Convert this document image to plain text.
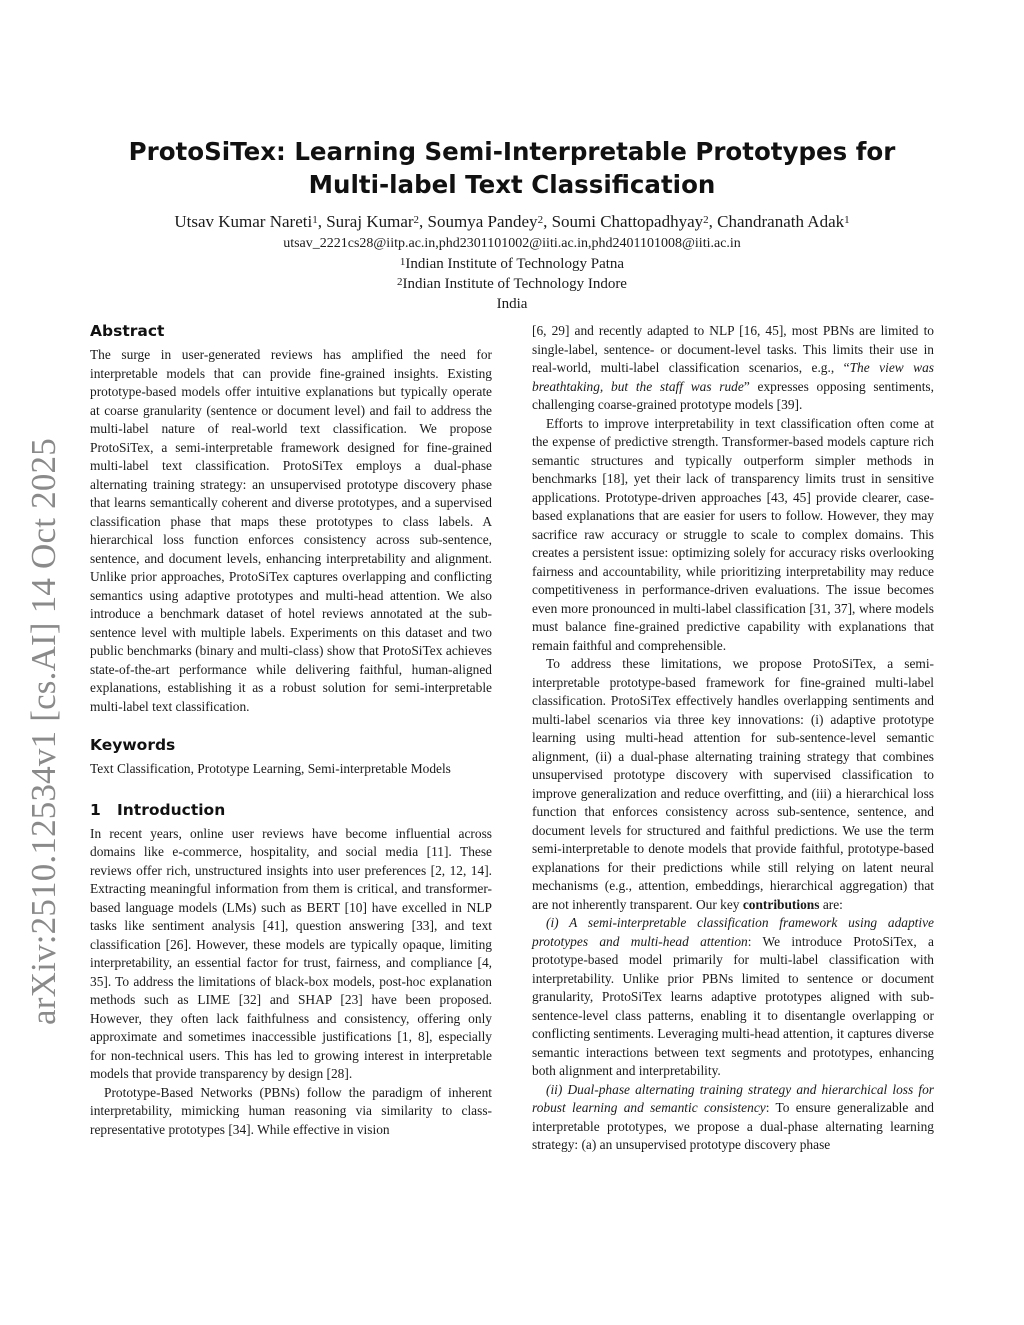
arXiv:2510.12534v1 [cs.AI] 14 Oct 2025
ProtoSiTex: Learning Semi-Interpretable Prototypes for
Multi-label Text Classification
Utsav Kumar Nareti$^1$, Suraj Kumar$^2$, Soumya Pandey$^2$, Soumi Chattopadhyay$^2$, Chandranath Adak$^1$
utsav_2221cs28@iitp.ac.in,phd2301101002@iiti.ac.in,phd2401101008@iiti.ac.in
$^1$Indian Institute of Technology Patna
$^2$Indian Institute of Technology Indore
India
Abstract

The surge in user-generated reviews has amplified the need for interpretable models that can provide fine-grained insights. Existing prototype-based models offer intuitive explanations but typically operate at coarse granularity (sentence or document level) and fail to address the multi-label nature of real-world text classification. We propose ProtoSiTex, a semi-interpretable framework designed for fine-grained multi-label text classification. ProtoSiTex employs a dual-phase alternating training strategy: an unsupervised prototype discovery phase that learns semantically coherent and diverse prototypes, and a supervised classification phase that maps these prototypes to class labels. A hierarchical loss function enforces consistency across sub-sentence, sentence, and document levels, enhancing interpretability and alignment. Unlike prior approaches, ProtoSiTex captures overlapping and conflicting semantics using adaptive prototypes and multi-head attention. We also introduce a benchmark dataset of hotel reviews annotated at the sub-sentence level with multiple labels. Experiments on this dataset and two public benchmarks (binary and multi-class) show that ProtoSiTex achieves state-of-the-art performance while delivering faithful, human-aligned explanations, establishing it as a robust solution for semi-interpretable multi-label text classification.

Keywords

Text Classification, Prototype Learning, Semi-interpretable Models

1 Introduction

In recent years, online user reviews have become influential across domains like e-commerce, hospitality, and social media [11]. These reviews offer rich, unstructured insights into user preferences [2, 12, 14]. Extracting meaningful information from them is critical, and transformer-based language models (LMs) such as BERT [10] have excelled in NLP tasks like sentiment analysis [41], question answering [33], and text classification [26]. However, these models are typically opaque, limiting interpretability, an essential factor for trust, fairness, and compliance [4, 35]. To address the limitations of black-box models, post-hoc explanation methods such as LIME [32] and SHAP [23] have been proposed. However, they often lack faithfulness and consistency, offering only approximate and sometimes inaccessible justifications [1, 8], especially for non-technical users. This has led to growing interest in interpretable models that provide transparency by design [28].

Prototype-Based Networks (PBNs) follow the paradigm of inherent interpretability, mimicking human reasoning via similarity to class-representative prototypes [34]. While effective in vision

[6, 29] and recently adapted to NLP [16, 45], most PBNs are limited to single-label, sentence- or document-level tasks. This limits their use in real-world, multi-label classification scenarios, e.g., “The view was breathtaking, but the staff was rude” expresses opposing sentiments, challenging coarse-grained prototype models [39].

Efforts to improve interpretability in text classification often come at the expense of predictive strength. Transformer-based models capture rich semantic structures and typically outperform simpler methods in benchmarks [18], yet their lack of transparency limits trust in sensitive applications. Prototype-driven approaches [43, 45] provide clearer, case-based explanations that are easier for users to follow. However, they may sacrifice raw accuracy or struggle to scale to complex domains. This creates a persistent issue: optimizing solely for accuracy risks overlooking fairness and accountability, while prioritizing interpretability may reduce competitiveness in performance-driven evaluations. The issue becomes even more pronounced in multi-label classification [31, 37], where models must balance fine-grained predictive capability with explanations that remain faithful and comprehensible.

To address these limitations, we propose ProtoSiTex, a semi-interpretable prototype-based framework for fine-grained multi-label classification. ProtoSiTex effectively handles overlapping sentiments and multi-label scenarios via three key innovations: (i) adaptive prototype learning using multi-head attention for sub-sentence-level semantic alignment, (ii) a dual-phase alternating training strategy that combines unsupervised prototype discovery with supervised classification to improve generalization and reduce overfitting, and (iii) a hierarchical loss function that enforces consistency across sub-sentence, sentence, and document levels for structured and faithful predictions. We use the term semi-interpretable to denote models that provide faithful, prototype-based explanations for their predictions while still relying on latent neural mechanisms (e.g., attention, embeddings, hierarchical aggregation) that are not inherently transparent. Our key contributions are:

(i) A semi-interpretable classification framework using adaptive prototypes and multi-head attention: We introduce ProtoSiTex, a prototype-based model primarily for multi-label classification with interpretability. Unlike prior PBNs limited to sentence or document granularity, ProtoSiTex learns adaptive prototypes aligned with sub-sentence-level class patterns, enabling it to disentangle overlapping or conflicting sentiments. Leveraging multi-head attention, it captures diverse semantic interactions between text segments and prototypes, enhancing both alignment and interpretability.

(ii) Dual-phase alternating training strategy and hierarchical loss for robust learning and semantic consistency: To ensure generalizable and interpretable prototypes, we propose a dual-phase alternating learning strategy: (a) an unsupervised prototype discovery phase
